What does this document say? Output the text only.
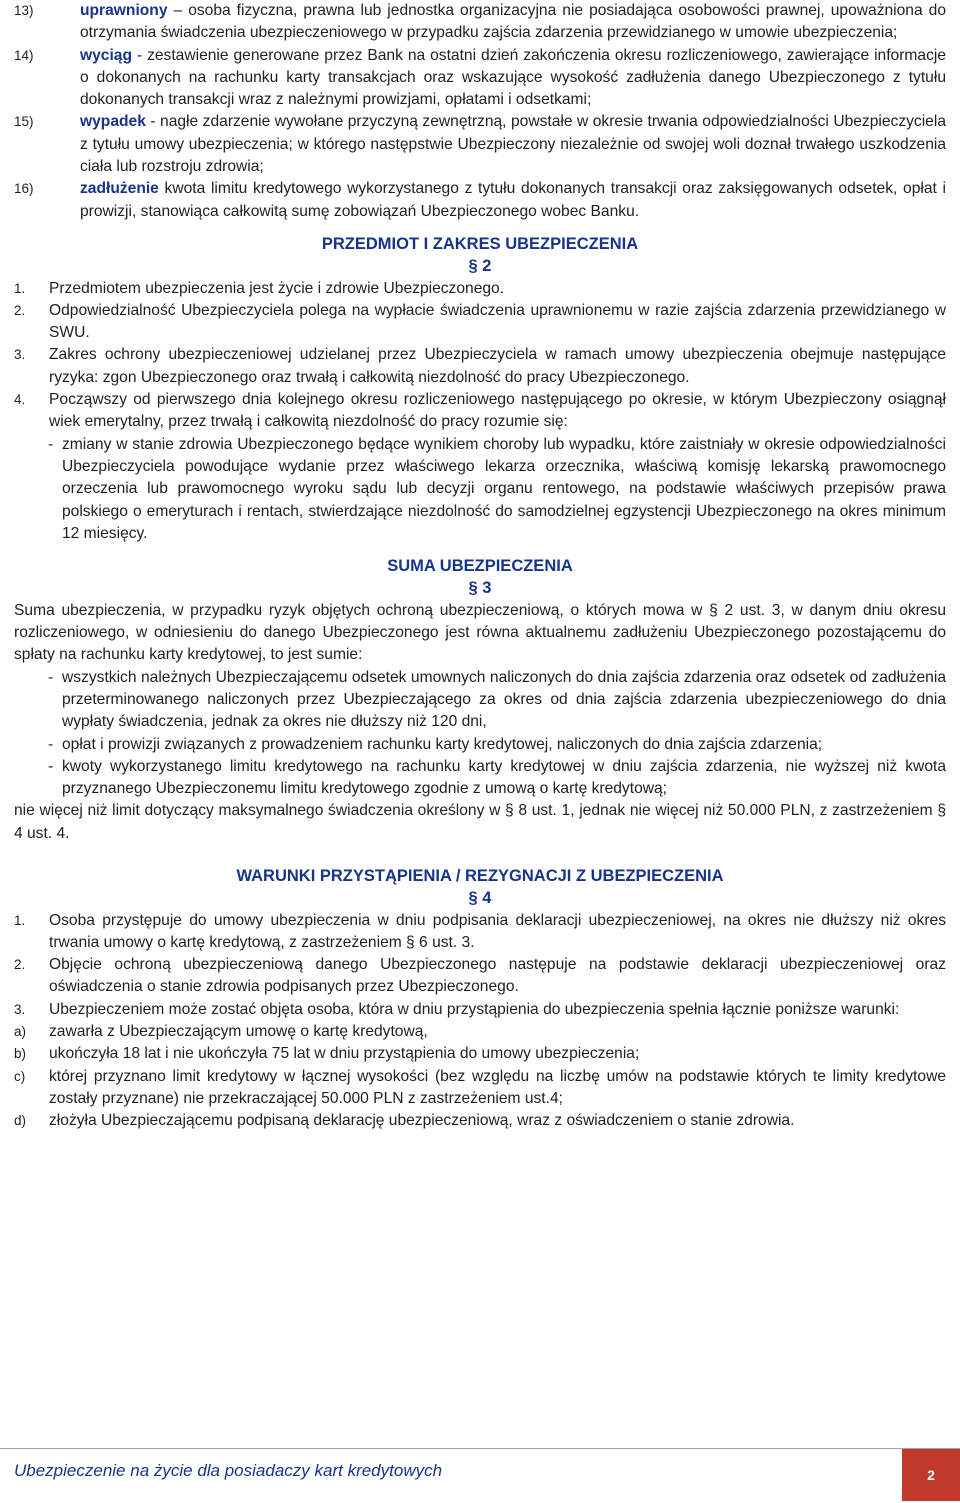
13)	uprawniony – osoba fizyczna, prawna lub jednostka organizacyjna nie posiadająca osobowości prawnej, upoważniona do otrzymania świadczenia ubezpieczeniowego w przypadku zajścia zdarzenia przewidzianego w umowie ubezpieczenia;
14)	wyciąg - zestawienie generowane przez Bank na ostatni dzień zakończenia okresu rozliczeniowego, zawierające informacje o dokonanych na rachunku karty transakcjach oraz wskazujące wysokość zadłużenia danego Ubezpieczonego z tytułu dokonanych transakcji wraz z należnymi prowizjami, opłatami i odsetkami;
15)	wypadek - nagłe zdarzenie wywołane przyczyną zewnętrzną, powstałe w okresie trwania odpowiedzialności Ubezpieczyciela z tytułu umowy ubezpieczenia; w którego następstwie Ubezpieczony niezależnie od swojej woli doznał trwałego uszkodzenia ciała lub rozstroju zdrowia;
16)	zadłużenie kwota limitu kredytowego wykorzystanego z tytułu dokonanych transakcji oraz zaksięgowanych odsetek, opłat i prowizji, stanowiąca całkowitą sumę zobowiązań Ubezpieczonego wobec Banku.
PRZEDMIOT I ZAKRES UBEZPIECZENIA
§ 2
1. Przedmiotem ubezpieczenia jest życie i zdrowie Ubezpieczonego.
2. Odpowiedzialność Ubezpieczyciela polega na wypłacie świadczenia uprawnionemu w razie zajścia zdarzenia przewidzianego w SWU.
3. Zakres ochrony ubezpieczeniowej udzielanej przez Ubezpieczyciela w ramach umowy ubezpieczenia obejmuje następujące ryzyka: zgon Ubezpieczonego oraz trwałą i całkowitą niezdolność do pracy Ubezpieczonego.
4. Począwszy od pierwszego dnia kolejnego okresu rozliczeniowego następującego po okresie, w którym Ubezpieczony osiągnął wiek emerytalny, przez trwałą i całkowitą niezdolność do pracy rozumie się:
- zmiany w stanie zdrowia Ubezpieczonego będące wynikiem choroby lub wypadku, które zaistniały w okresie odpowiedzialności Ubezpieczyciela powodujące wydanie przez właściwego lekarza orzecznika, właściwą komisję lekarską prawomocnego orzeczenia lub prawomocnego wyroku sądu lub decyzji organu rentowego, na podstawie właściwych przepisów prawa polskiego o emeryturach i rentach, stwierdzające niezdolność do samodzielnej egzystencji Ubezpieczonego na okres minimum 12 miesięcy.
SUMA UBEZPIECZENIA
§ 3
Suma ubezpieczenia, w przypadku ryzyk objętych ochroną ubezpieczeniową, o których mowa w § 2 ust. 3, w danym dniu okresu rozliczeniowego, w odniesieniu do danego Ubezpieczonego jest równa aktualnemu zadłużeniu Ubezpieczonego pozostającemu do spłaty na rachunku karty kredytowej, to jest sumie:
- wszystkich należnych Ubezpieczającemu odsetek umownych naliczonych do dnia zajścia zdarzenia oraz odsetek od zadłużenia przeterminowanego naliczonych przez Ubezpieczającego za okres od dnia zajścia zdarzenia ubezpieczeniowego do dnia wypłaty świadczenia, jednak za okres nie dłuższy niż 120 dni,
- opłat i prowizji związanych z prowadzeniem rachunku karty kredytowej, naliczonych do dnia zajścia zdarzenia;
- kwoty wykorzystanego limitu kredytowego na rachunku karty kredytowej w dniu zajścia zdarzenia, nie wyższej niż kwota przyznanego Ubezpieczonemu limitu kredytowego zgodnie z umową o kartę kredytową;
nie więcej niż limit dotyczący maksymalnego świadczenia określony w § 8 ust. 1, jednak nie więcej niż 50.000 PLN, z zastrzeżeniem § 4 ust. 4.
WARUNKI PRZYSTĄPIENIA / REZYGNACJI Z UBEZPIECZENIA
§ 4
1. Osoba przystępuje do umowy ubezpieczenia w dniu podpisania deklaracji ubezpieczeniowej, na okres nie dłuższy niż okres trwania umowy o kartę kredytową, z zastrzeżeniem § 6 ust. 3.
2. Objęcie ochroną ubezpieczeniową danego Ubezpieczonego następuje na podstawie deklaracji ubezpieczeniowej oraz oświadczenia o stanie zdrowia podpisanych przez Ubezpieczonego.
3. Ubezpieczeniem może zostać objęta osoba, która w dniu przystąpienia do ubezpieczenia spełnia łącznie poniższe warunki:
a) zawarła z Ubezpieczającym umowę o kartę kredytową,
b) ukończyła 18 lat i nie ukończyła 75 lat w dniu przystąpienia do umowy ubezpieczenia;
c) której przyznano limit kredytowy w łącznej wysokości (bez względu na liczbę umów na podstawie których te limity kredytowe zostały przyznane) nie przekraczającej 50.000 PLN z zastrzeżeniem ust.4;
d) złożyła Ubezpieczającemu podpisaną deklarację ubezpieczeniową, wraz z oświadczeniem o stanie zdrowia.
Ubezpieczenie na życie dla posiadaczy kart kredytowych	2
